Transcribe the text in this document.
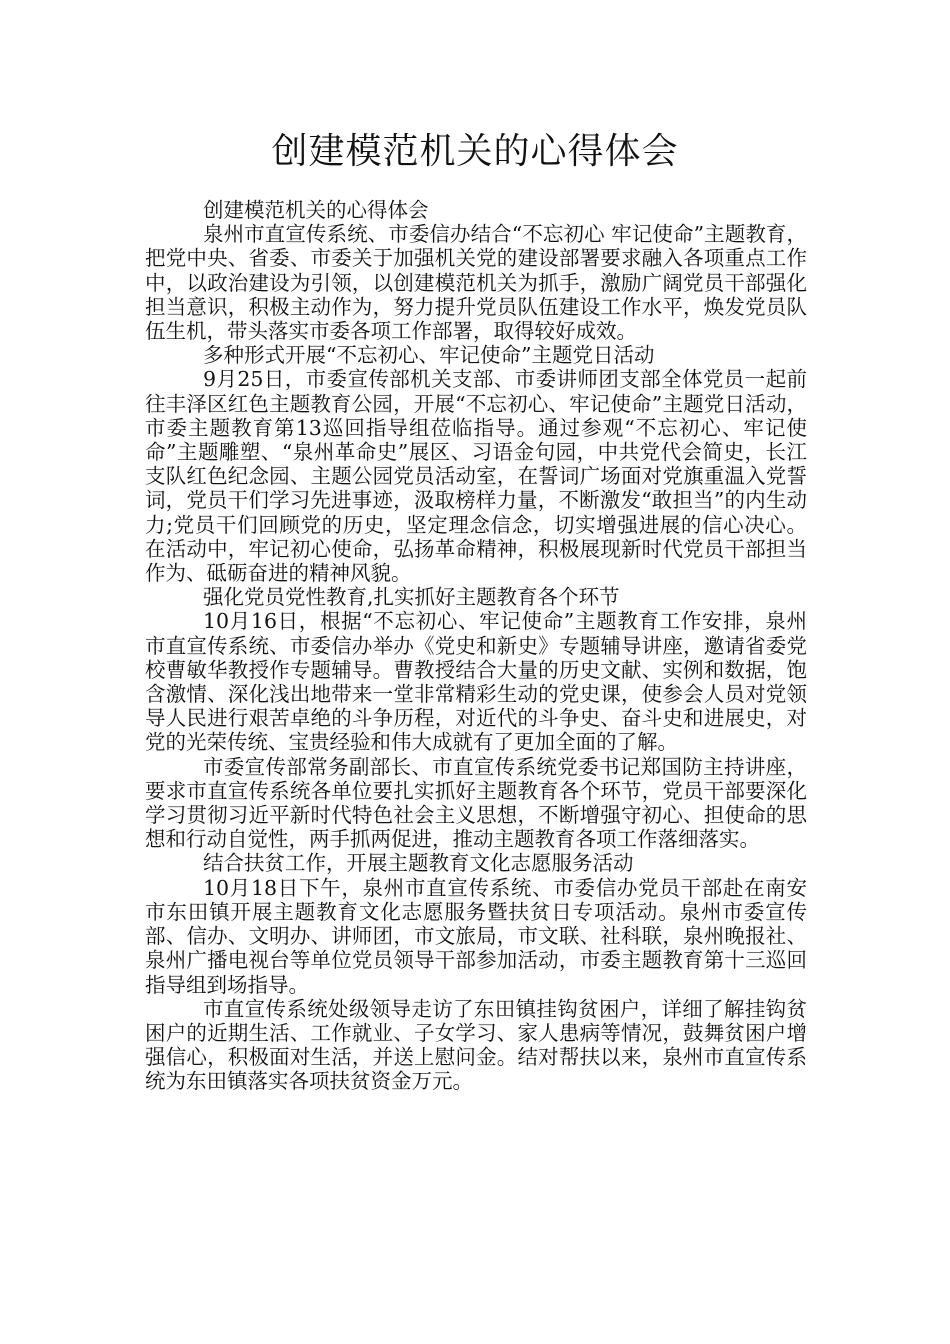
创建模范机关的心得体会

创建模范机关的心得体会

泉州市直宣传系统、市委信办结合“不忘初心 牢记使命”主题教育，把党中央、省委、市委关于加强机关党的建设部署要求融入各项重点工作中，以政治建设为引领，以创建模范机关为抓手，激励广阔党员干部强化担当意识，积极主动作为，努力提升党员队伍建设工作水平，焕发党员队伍生机，带头落实市委各项工作部署，取得较好成效。

多种形式开展“不忘初心、牢记使命”主题党日活动

9月25日，市委宣传部机关支部、市委讲师团支部全体党员一起前往丰泽区红色主题教育公园，开展“不忘初心、牢记使命”主题党日活动，市委主题教育第13巡回指导组莅临指导。通过参观“不忘初心、牢记使命”主题雕塑、“泉州革命史”展区、习语金句园，中共党代会简史，长江支队红色纪念园、主题公园党员活动室，在誓词广场面对党旗重温入党誓词，党员干们学习先进事迹，汲取榜样力量，不断激发“敢担当”的内生动力;党员干们回顾党的历史，坚定理念信念，切实增强进展的信心决心。在活动中，牢记初心使命，弘扬革命精神，积极展现新时代党员干部担当作为、砥砺奋进的精神风貌。

强化党员党性教育,扎实抓好主题教育各个环节

10月16日，根据“不忘初心、牢记使命”主题教育工作安排，泉州市直宣传系统、市委信办举办《党史和新史》专题辅导讲座，邀请省委党校曹敏华教授作专题辅导。曹教授结合大量的历史文献、实例和数据，饱含激情、深化浅出地带来一堂非常精彩生动的党史课，使参会人员对党领导人民进行艰苦卓绝的斗争历程，对近代的斗争史、奋斗史和进展史，对党的光荣传统、宝贵经验和伟大成就有了更加全面的了解。

市委宣传部常务副部长、市直宣传系统党委书记郑国防主持讲座，要求市直宣传系统各单位要扎实抓好主题教育各个环节，党员干部要深化学习贯彻习近平新时代特色社会主义思想，不断增强守初心、担使命的思想和行动自觉性，两手抓两促进，推动主题教育各项工作落细落实。

结合扶贫工作，开展主题教育文化志愿服务活动

10月18日下午，泉州市直宣传系统、市委信办党员干部赴在南安市东田镇开展主题教育文化志愿服务暨扶贫日专项活动。泉州市委宣传部、信办、文明办、讲师团，市文旅局，市文联、社科联，泉州晚报社、泉州广播电视台等单位党员领导干部参加活动，市委主题教育第十三巡回指导组到场指导。

市直宣传系统处级领导走访了东田镇挂钩贫困户，详细了解挂钩贫困户的近期生活、工作就业、子女学习、家人患病等情况，鼓舞贫困户增强信心，积极面对生活，并送上慰问金。结对帮扶以来，泉州市直宣传系统为东田镇落实各项扶贫资金万元。
